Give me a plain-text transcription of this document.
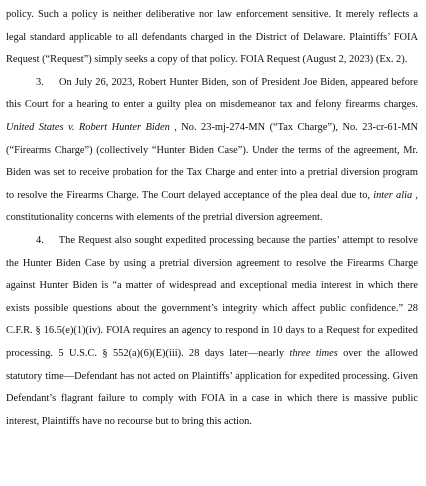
policy. Such a policy is neither deliberative nor law enforcement sensitive. It merely reflects a legal standard applicable to all defendants charged in the District of Delaware. Plaintiffs’ FOIA Request (“Request”) simply seeks a copy of that policy. FOIA Request (August 2, 2023) (Ex. 2).

3. On July 26, 2023, Robert Hunter Biden, son of President Joe Biden, appeared before this Court for a hearing to enter a guilty plea on misdemeanor tax and felony firearms charges. United States v. Robert Hunter Biden , No. 23-mj-274-MN (“Tax Charge”), No. 23-cr-61-MN (“Firearms Charge”) (collectively “Hunter Biden Case”). Under the terms of the agreement, Mr. Biden was set to receive probation for the Tax Charge and enter into a pretrial diversion program to resolve the Firearms Charge. The Court delayed acceptance of the plea deal due to, inter alia , constitutionality concerns with elements of the pretrial diversion agreement.

4. The Request also sought expedited processing because the parties’ attempt to resolve the Hunter Biden Case by using a pretrial diversion agreement to resolve the Firearms Charge against Hunter Biden is “a matter of widespread and exceptional media interest in which there exists possible questions about the government’s integrity which affect public confidence.” 28 C.F.R. § 16.5(e)(1)(iv). FOIA requires an agency to respond in 10 days to a Request for expedited processing. 5 U.S.C. § 552(a)(6)(E)(iii). 28 days later—nearly three times over the allowed statutory time—Defendant has not acted on Plaintiffs’ application for expedited processing. Given Defendant’s flagrant failure to comply with FOIA in a case in which there is massive public interest, Plaintiffs have no recourse but to bring this action.
